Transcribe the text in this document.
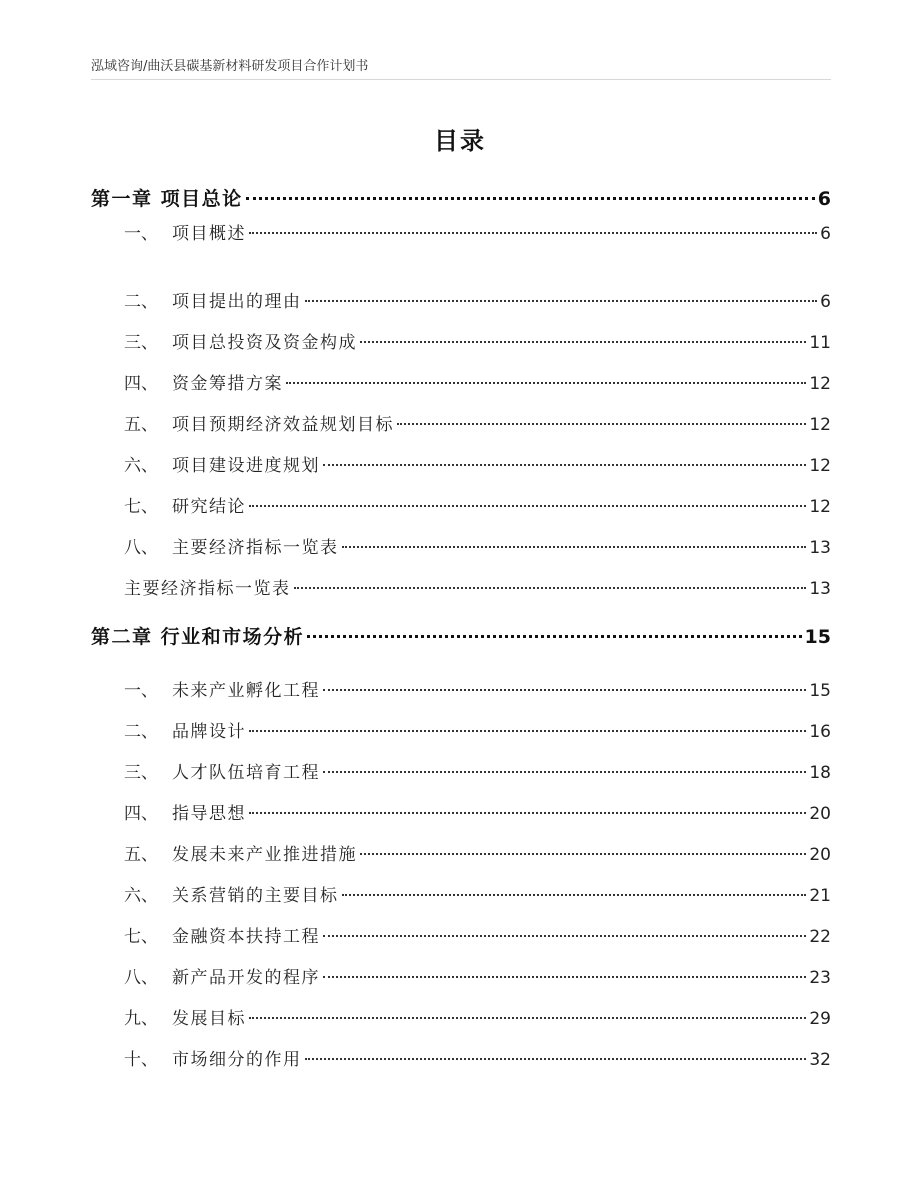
泓域咨询/曲沃县碳基新材料研发项目合作计划书
目录
第一章 项目总论	6
一、 项目概述	6
二、 项目提出的理由	6
三、 项目总投资及资金构成	11
四、 资金筹措方案	12
五、 项目预期经济效益规划目标	12
六、 项目建设进度规划	12
七、 研究结论	12
八、 主要经济指标一览表	13
主要经济指标一览表	13
第二章 行业和市场分析	15
一、 未来产业孵化工程	15
二、 品牌设计	16
三、 人才队伍培育工程	18
四、 指导思想	20
五、 发展未来产业推进措施	20
六、 关系营销的主要目标	21
七、 金融资本扶持工程	22
八、 新产品开发的程序	23
九、 发展目标	29
十、 市场细分的作用	32
